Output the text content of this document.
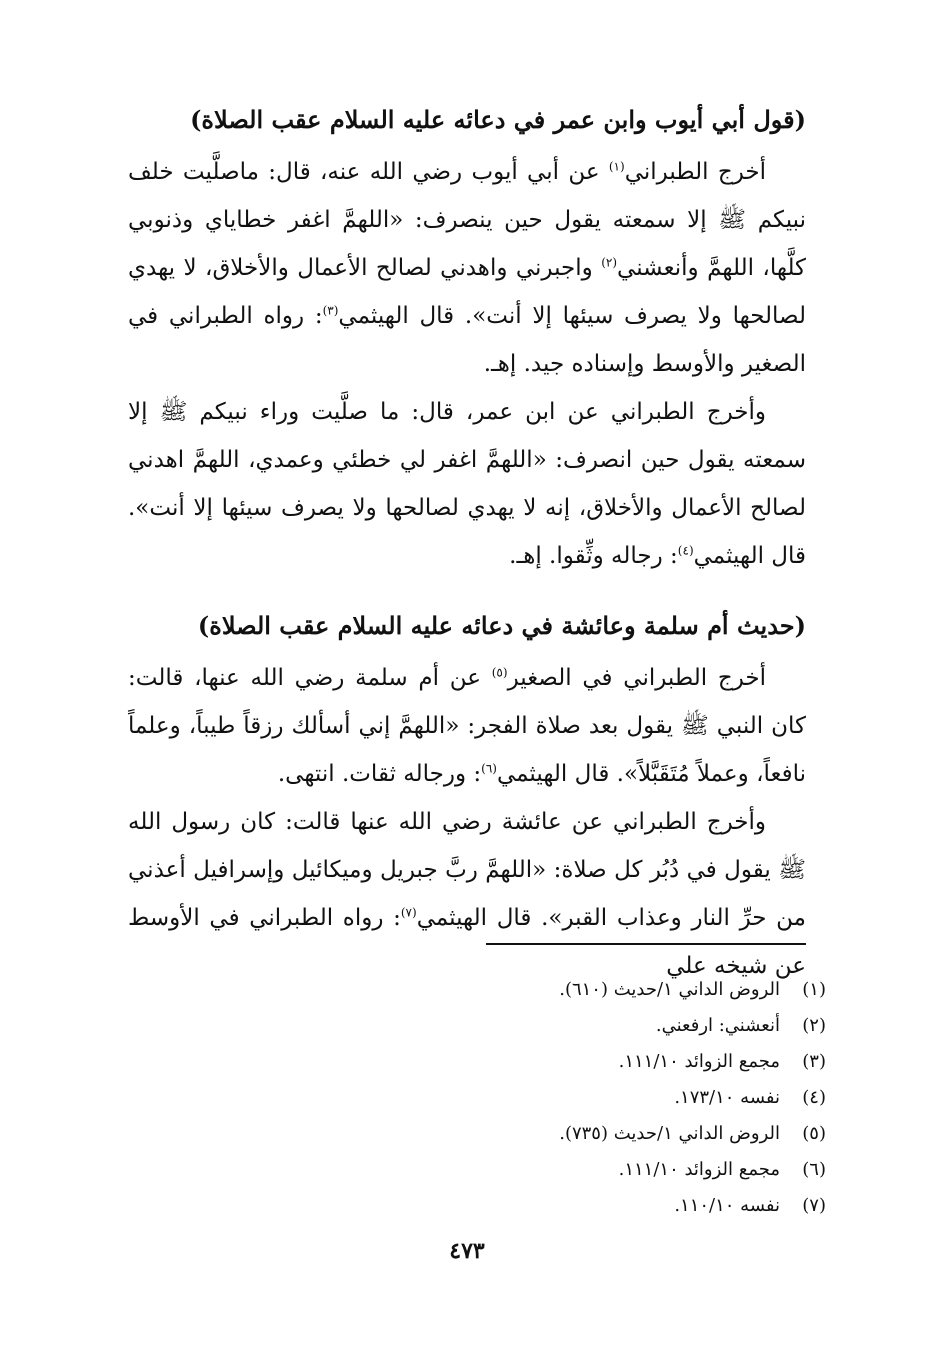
(قول أبي أيوب وابن عمر في دعائه عليه السلام عقب الصلاة)

أخرج الطبراني$^{(١)}$ عن أبي أيوب رضي الله عنه، قال: ماصلَّيت خلف نبيكم ﷺ إلا سمعته يقول حين ينصرف: «اللهمَّ اغفر خطاياي وذنوبي كلَّها، اللهمَّ وأنعشني$^{(٢)}$ واجبرني واهدني لصالح الأعمال والأخلاق، لا يهدي لصالحها ولا يصرف سيئها إلا أنت». قال الهيثمي$^{(٣)}$: رواه الطبراني في الصغير والأوسط وإسناده جيد. إهـ.

وأخرج الطبراني عن ابن عمر، قال: ما صلَّيت وراء نبيكم ﷺ إلا سمعته يقول حين انصرف: «اللهمَّ اغفر لي خطئي وعمدي، اللهمَّ اهدني لصالح الأعمال والأخلاق، إنه لا يهدي لصالحها ولا يصرف سيئها إلا أنت». قال الهيثمي$^{(٤)}$: رجاله وثِّقوا. إهـ.

(حديث أم سلمة وعائشة في دعائه عليه السلام عقب الصلاة)

أخرج الطبراني في الصغير$^{(٥)}$ عن أم سلمة رضي الله عنها، قالت: كان النبي ﷺ يقول بعد صلاة الفجر: «اللهمَّ إني أسألك رزقاً طيباً، وعلماً نافعاً، وعملاً مُتَقَبَّلاً». قال الهيثمي$^{(٦)}$: ورجاله ثقات. انتهى.

وأخرج الطبراني عن عائشة رضي الله عنها قالت: كان رسول الله ﷺ يقول في دُبُر كل صلاة: «اللهمَّ ربَّ جبريل وميكائيل وإسرافيل أعذني من حرِّ النار وعذاب القبر». قال الهيثمي$^{(٧)}$: رواه الطبراني في الأوسط عن شيخه علي

(١)الروض الداني ١/حديث (٦١٠).
(٢)أنعشني: ارفعني.
(٣)مجمع الزوائد ١١١/١٠.
(٤)نفسه ١٧٣/١٠.
(٥)الروض الداني ١/حديث (٧٣٥).
(٦)مجمع الزوائد ١١١/١٠.
(٧)نفسه ١١٠/١٠.
٤٧٣
